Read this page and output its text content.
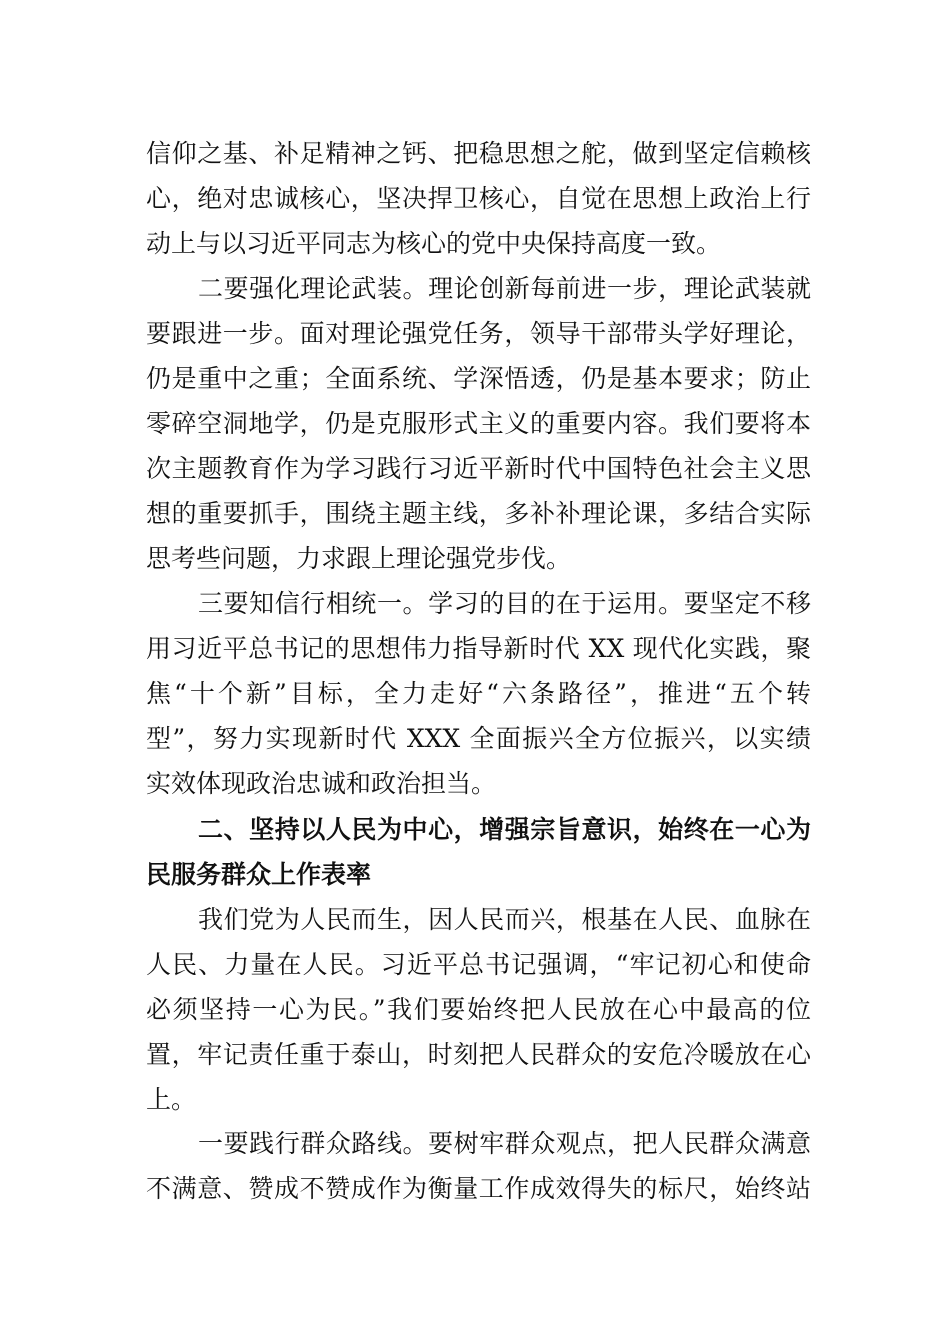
信仰之基、补足精神之钙、把稳思想之舵，做到坚定信赖核
心，绝对忠诚核心，坚决捍卫核心，自觉在思想上政治上行
动上与以习近平同志为核心的党中央保持高度一致。
二要强化理论武装。理论创新每前进一步，理论武装就
要跟进一步。面对理论强党任务，领导干部带头学好理论，
仍是重中之重；全面系统、学深悟透，仍是基本要求；防止
零碎空洞地学，仍是克服形式主义的重要内容。我们要将本
次主题教育作为学习践行习近平新时代中国特色社会主义思
想的重要抓手，围绕主题主线，多补补理论课，多结合实际
思考些问题，力求跟上理论强党步伐。
三要知信行相统一。学习的目的在于运用。要坚定不移
用习近平总书记的思想伟力指导新时代 XX 现代化实践，聚
焦“十个新”目标，全力走好“六条路径”，推进“五个转
型”，努力实现新时代 XXX 全面振兴全方位振兴，以实绩
实效体现政治忠诚和政治担当。
二、坚持以人民为中心，增强宗旨意识，始终在一心为
民服务群众上作表率
我们党为人民而生，因人民而兴，根基在人民、血脉在
人民、力量在人民。习近平总书记强调，“牢记初心和使命
必须坚持一心为民。”我们要始终把人民放在心中最高的位
置，牢记责任重于泰山，时刻把人民群众的安危冷暖放在心
上。
一要践行群众路线。要树牢群众观点，把人民群众满意
不满意、赞成不赞成作为衡量工作成效得失的标尺，始终站
